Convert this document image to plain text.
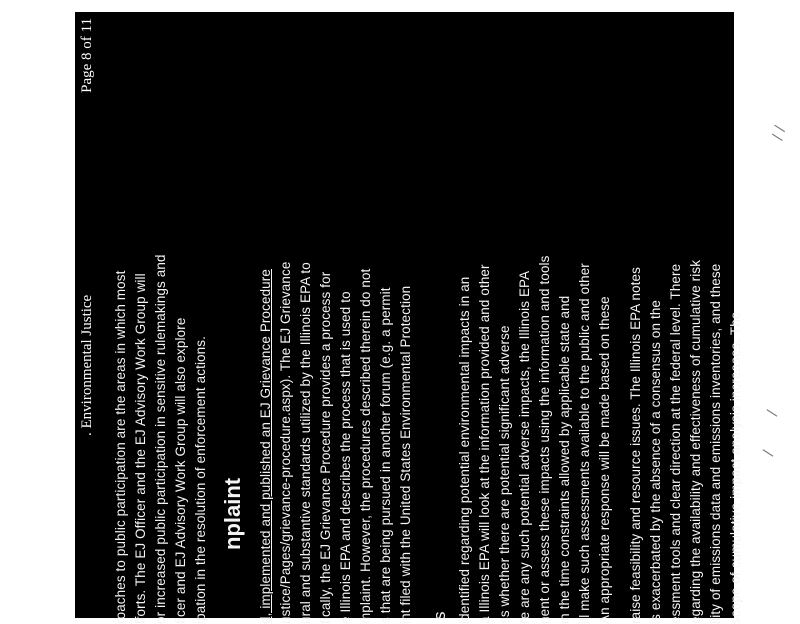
. Environmental Justice
Page 8 of 11
roaches to public participation are the areas in which most fforts. The EJ Officer and the EJ Advisory Work Group will or increased public participation in sensitive rulemakings and ficer and EJ Advisory Work Group will also explore ipation in the resolution of enforcement actions. nplaint d, implemented and published an EJ Grievance Procedure ustice/Pages/grievance-procedure.aspx). The EJ Grievance ural and substantive standards utilized by the Illinois EPA to fically, the EJ Grievance Procedure provides a process for e Illinois EPA and describes the process that is used to mplaint. However, the procedures described therein do not s that are being pursued in another forum (e.g. a permit int filed with the United States Environmental Protection s identified regarding potential environmental impacts in an a Illinois EPA will look at the information provided and other ss whether there are potential significant adverse re are any such potential adverse impacts, the Illinois EPA nent or assess these impacts using the information and tools in the time constraints allowed by applicable state and ill make such assessments available to the public and other An appropriate response will be made based on these raise feasibility and resource issues. The Illinois EPA notes is exacerbated by the absence of a consensus on the essment tools and clear direction at the federal level. There egarding the availability and effectiveness of cumulative risk ility of emissions data and emissions inventories, and these scope of cumulative impact analysis increases. The
/ /
/
/
